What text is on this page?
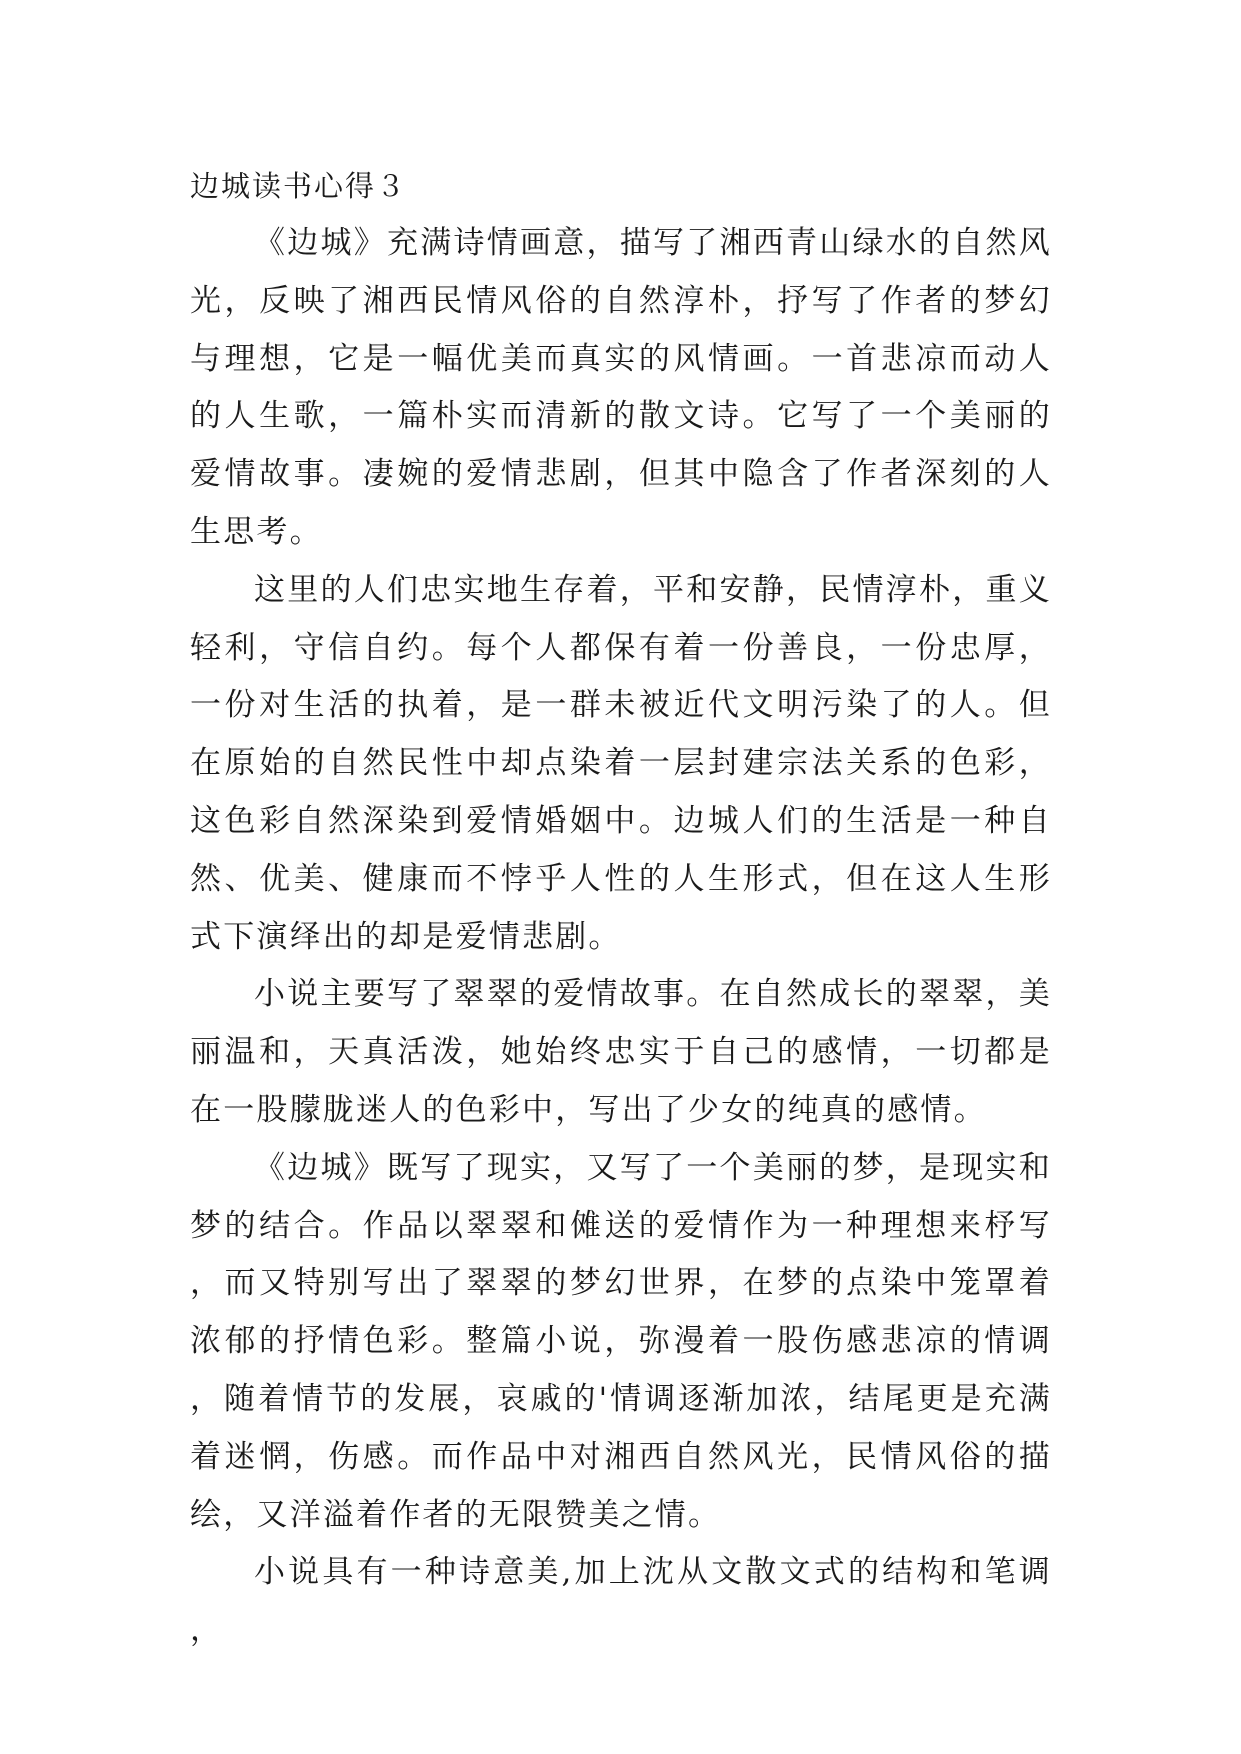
边城读书心得３

《边城》充满诗情画意，描写了湘西青山绿水的自然风光，反映了湘西民情风俗的自然淳朴，抒写了作者的梦幻与理想，它是一幅优美而真实的风情画。一首悲凉而动人的人生歌，一篇朴实而清新的散文诗。它写了一个美丽的爱情故事。凄婉的爱情悲剧，但其中隐含了作者深刻的人生思考。

这里的人们忠实地生存着，平和安静，民情淳朴，重义轻利，守信自约。每个人都保有着一份善良，一份忠厚，一份对生活的执着，是一群未被近代文明污染了的人。但在原始的自然民性中却点染着一层封建宗法关系的色彩，这色彩自然深染到爱情婚姻中。边城人们的生活是一种自然、优美、健康而不悖乎人性的人生形式，但在这人生形式下演绎出的却是爱情悲剧。

小说主要写了翠翠的爱情故事。在自然成长的翠翠，美丽温和，天真活泼，她始终忠实于自己的感情，一切都是在一股朦胧迷人的色彩中，写出了少女的纯真的感情。

《边城》既写了现实，又写了一个美丽的梦，是现实和梦的结合。作品以翠翠和傩送的爱情作为一种理想来杼写，而又特别写出了翠翠的梦幻世界，在梦的点染中笼罩着浓郁的抒情色彩。整篇小说，弥漫着一股伤感悲凉的情调，随着情节的发展，哀戚的'情调逐渐加浓，结尾更是充满着迷惘，伤感。而作品中对湘西自然风光，民情风俗的描绘，又洋溢着作者的无限赞美之情。

小说具有一种诗意美,加上沈从文散文式的结构和笔调，
